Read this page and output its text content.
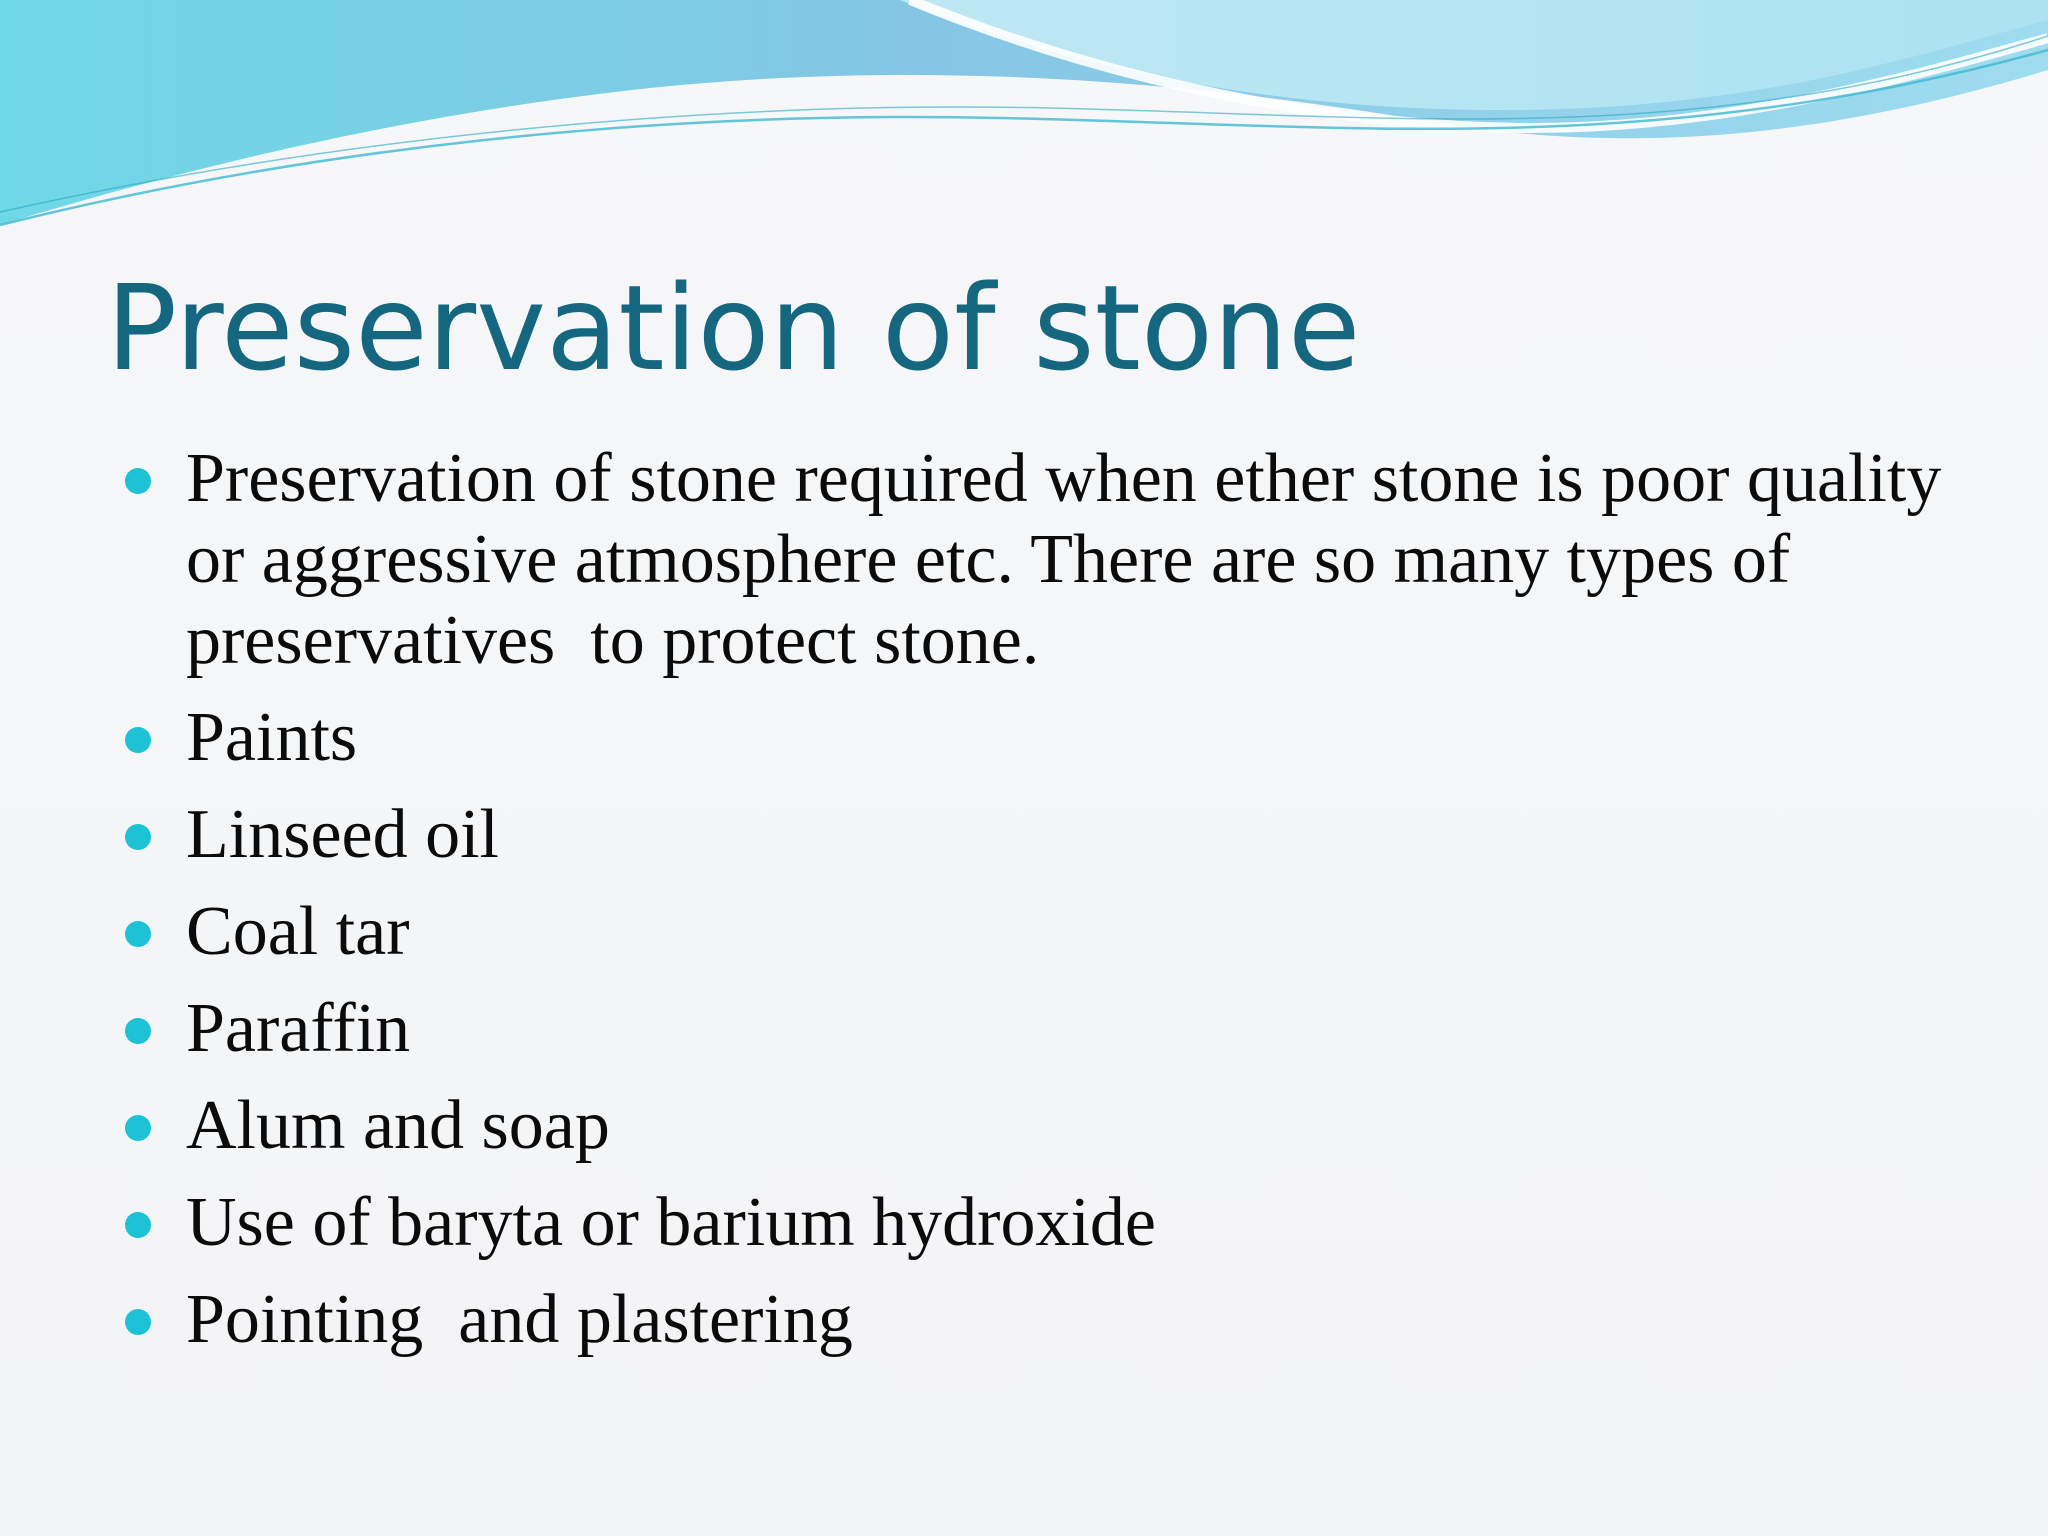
Preservation of stone
Preservation of stone required when ether stone is poor quality or aggressive atmosphere etc. There are so many types of preservatives  to protect stone.
Paints
Linseed oil
Coal tar
Paraffin
Alum and soap
Use of baryta or barium hydroxide
Pointing  and plastering
